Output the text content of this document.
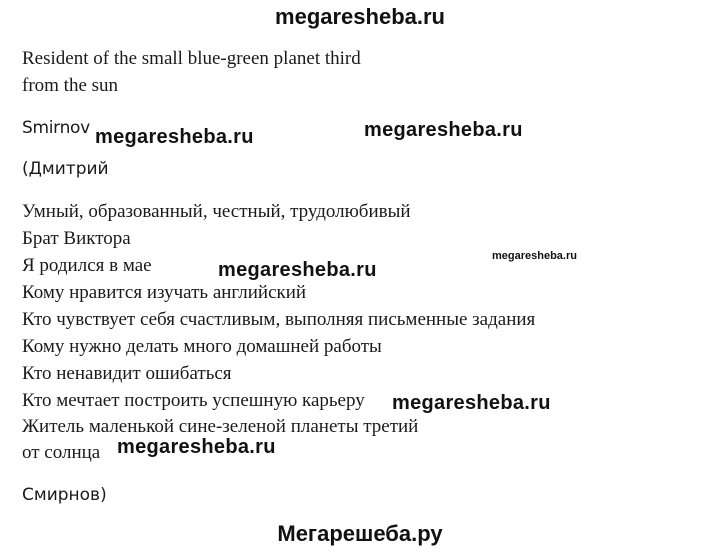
megaresheba.ru
Resident of the small blue-green planet third
from the sun
Smirnov
(Дмитрий
Умный, образованный, честный, трудолюбивый
Брат Виктора
Я родился в мае
Кому нравится изучать английский
Кто чувствует себя счастливым, выполняя письменные задания
Кому нужно делать много домашней работы
Кто ненавидит ошибаться
Кто мечтает построить успешную карьеру
Житель маленькой сине-зеленой планеты третий
от солнца
Смирнов)
megaresheba.ru	megaresheba.ru
megaresheba.ru
megaresheba.ru
megaresheba.ru
megaresheba.ru
Мегарешеба.ру
